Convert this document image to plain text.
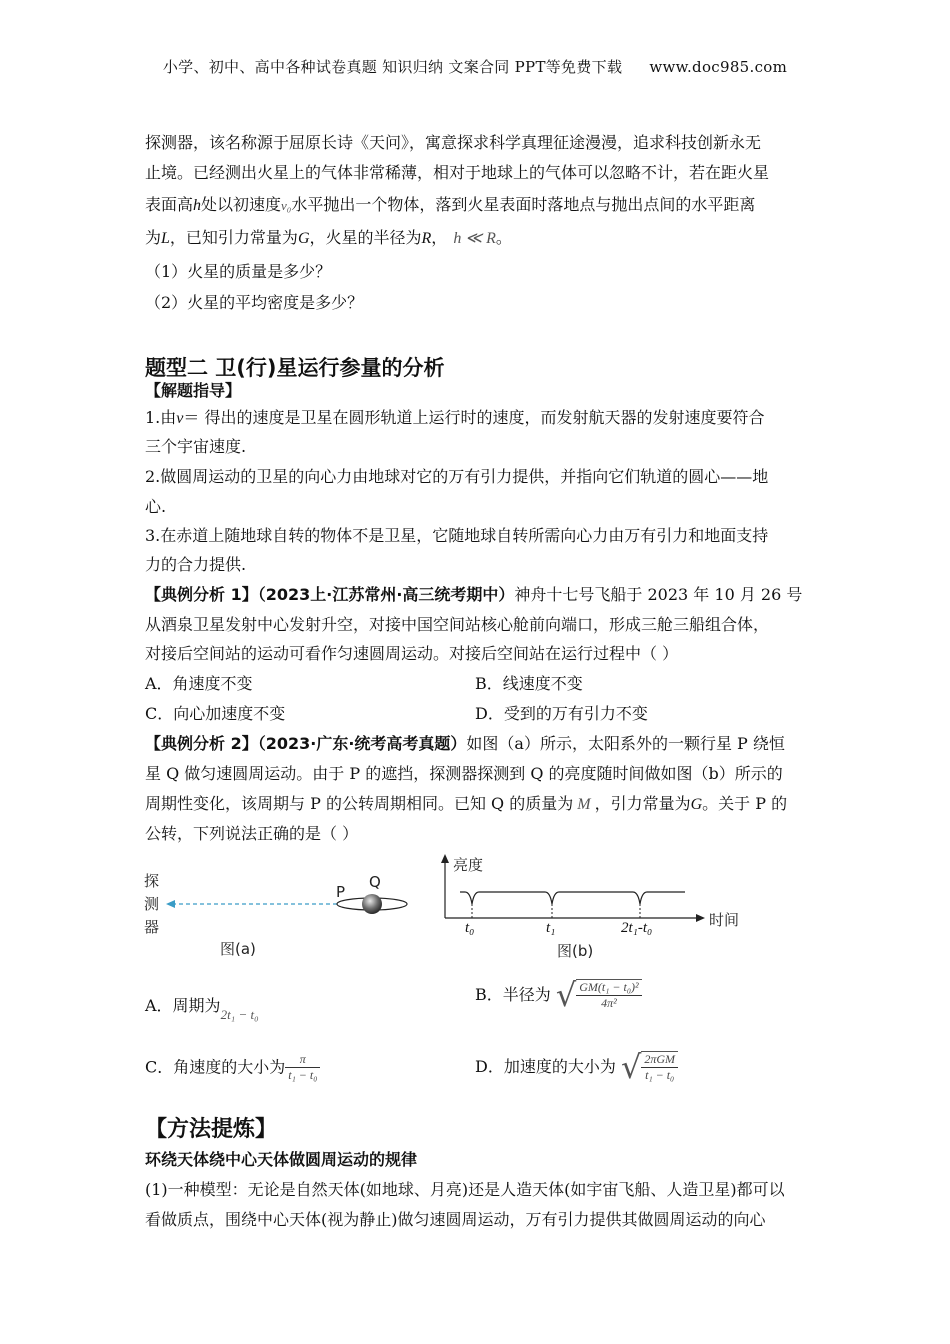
小学、初中、高中各种试卷真题 知识归纳 文案合同 PPT等免费下载 www.doc985.com
探测器，该名称源于屈原长诗《天问》，寓意探求科学真理征途漫漫，追求科技创新永无
止境。已经测出火星上的气体非常稀薄，相对于地球上的气体可以忽略不计，若在距火星
表面高h处以初速度v₀水平抛出一个物体，落到火星表面时落地点与抛出点间的水平距离
为L，已知引力常量为G，火星的半径为R， h ≪ R。
（1）火星的质量是多少？
（2）火星的平均密度是多少？
题型二 卫(行)星运行参量的分析
【解题指导】
1.由v＝ 得出的速度是卫星在圆形轨道上运行时的速度，而发射航天器的发射速度要符合
三个宇宙速度.
2.做圆周运动的卫星的向心力由地球对它的万有引力提供，并指向它们轨道的圆心——地
心.
3.在赤道上随地球自转的物体不是卫星，它随地球自转所需向心力由万有引力和地面支持
力的合力提供.
【典例分析 1】（2023上·江苏常州·高三统考期中）神舟十七号飞船于 2023 年 10 月 26 号
从酒泉卫星发射中心发射升空，对接中国空间站核心舱前向端口，形成三舱三船组合体，
对接后空间站的运动可看作匀速圆周运动。对接后空间站在运行过程中（ ）
A．角速度不变	B．线速度不变
C．向心加速度不变	D．受到的万有引力不变
【典例分析 2】（2023·广东·统考高考真题）如图（a）所示，太阳系外的一颗行星 P 绕恒
星 Q 做匀速圆周运动。由于 P 的遮挡，探测器探测到 Q 的亮度随时间做如图（b）所示的
周期性变化，该周期与 P 的公转周期相同。已知 Q 的质量为 M ，引力常量为G。关于 P 的
公转，下列说法正确的是（ ）
探
测
器
P
Q
图(a)
亮度
时间
t₀	t₁	2t₁-t₀
图(b)
A．周期为$_{2t_1 - t_0}$
B．半径为 √ $\frac{\text{GM(t₁ − t₀)²}}{\text{4π²}}$
C．角速度的大小为 $\frac{\pi}{\text{t₁ − t₀}}$	D．加速度的大小为 √ $\frac{\text{2πGM}}{\text{t₁ − t₀}}$
【方法提炼】
环绕天体绕中心天体做圆周运动的规律
(1)一种模型：无论是自然天体(如地球、月亮)还是人造天体(如宇宙飞船、人造卫星)都可以
看做质点，围绕中心天体(视为静止)做匀速圆周运动，万有引力提供其做圆周运动的向心
